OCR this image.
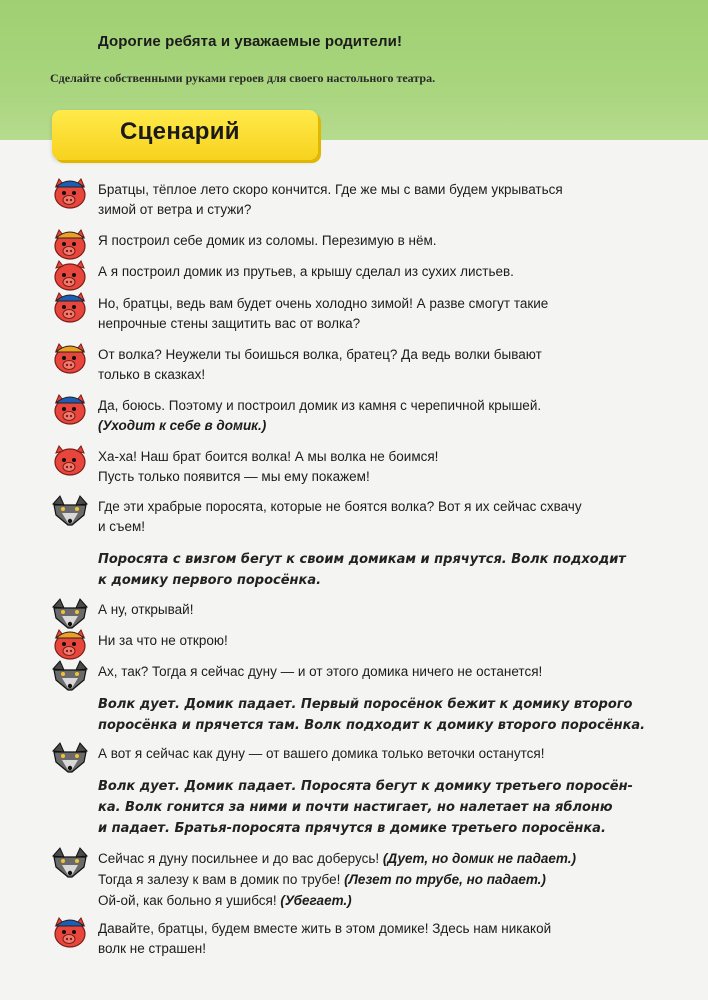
Дорогие ребята и уважаемые родители!
Сделайте собственными руками героев для своего настольного театра.
Сценарий
Братцы, тёплое лето скоро кончится. Где же мы с вами будем укрываться
зимой от ветра и стужи?
Я построил себе домик из соломы. Перезимую в нём.
А я построил домик из прутьев, а крышу сделал из сухих листьев.
Но, братцы, ведь вам будет очень холодно зимой! А разве смогут такие
непрочные стены защитить вас от волка?
От волка? Неужели ты боишься волка, братец? Да ведь волки бывают
только в сказках!
Да, боюсь. Поэтому и построил домик из камня с черепичной крышей.
(Уходит к себе в домик.)
Ха-ха! Наш брат боится волка! А мы волка не боимся!
Пусть только появится — мы ему покажем!
Где эти храбрые поросята, которые не боятся волка? Вот я их сейчас схвачу
и съем!
Поросята с визгом бегут к своим домикам и прячутся. Волк подходит
к домику первого поросёнка.
А ну, открывай!
Ни за что не открою!
Ах, так? Тогда я сейчас дуну — и от этого домика ничего не останется!
Волк дует. Домик падает. Первый поросёнок бежит к домику второго
поросёнка и прячется там. Волк подходит к домику второго поросёнка.
А вот я сейчас как дуну — от вашего домика только веточки останутся!
Волк дует. Домик падает. Поросята бегут к домику третьего поросён-
ка. Волк гонится за ними и почти настигает, но налетает на яблоню
и падает. Братья-поросята прячутся в домике третьего поросёнка.
Сейчас я дуну посильнее и до вас доберусь! (Дует, но домик не падает.)
Тогда я залезу к вам в домик по трубе! (Лезет по трубе, но падает.)
Ой-ой, как больно я ушибся! (Убегает.)
Давайте, братцы, будем вместе жить в этом домике! Здесь нам никакой
волк не страшен!
